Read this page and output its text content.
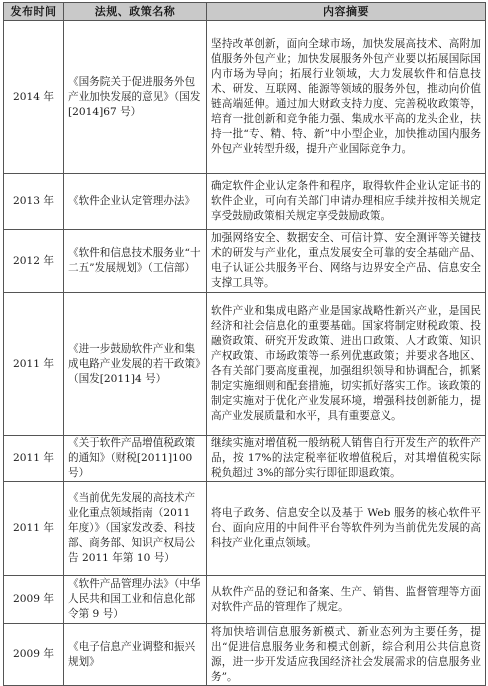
发布时间	法规、政策名称	内容摘要
2014 年	《国务院关于促进服务外包产业加快发展的意见》（国发[2014]67 号）	坚持改革创新，面向全球市场，加快发展高技术、高附加值服务外包产业；加快发展服务外包产业要以拓展国际国内市场为导向；拓展行业领域，大力发展软件和信息技术、研发、互联网、能源等领域的服务外包，推动向价值链高端延伸。通过加大财政支持力度、完善税收政策等，培育一批创新和竞争能力强、集成水平高的龙头企业，扶持一批“专、精、特、新”中小型企业，加快推动国内服务外包产业转型升级，提升产业国际竞争力。
2013 年	《软件企业认定管理办法》	确定软件企业认定条件和程序，取得软件企业认定证书的软件企业，可向有关部门申请办理相应手续并按相关规定享受鼓励政策相关规定享受鼓励政策。
2012 年	《软件和信息技术服务业“十二五”发展规划》（工信部）	加强网络安全、数据安全、可信计算、安全测评等关键技术的研发与产业化，重点发展安全可靠的安全基础产品、电子认证公共服务平台、网络与边界安全产品、信息安全支撑工具等。
2011 年	《进一步鼓励软件产业和集成电路产业发展的若干政策》（国发[2011]4 号）	软件产业和集成电路产业是国家战略性新兴产业，是国民经济和社会信息化的重要基础。国家将制定财税政策、投融资政策、研究开发政策、进出口政策、人才政策、知识产权政策、市场政策等一系列优惠政策；并要求各地区、各有关部门要高度重视，加强组织领导和协调配合，抓紧制定实施细则和配套措施，切实抓好落实工作。该政策的制定实施对于优化产业发展环境，增强科技创新能力，提高产业发展质量和水平，具有重要意义。
2011 年	《关于软件产品增值税政策的通知》（财税[2011]100 号）	继续实施对增值税一般纳税人销售自行开发生产的软件产品，按 17%的法定税率征收增值税后，对其增值税实际税负超过 3%的部分实行即征即退政策。
2011 年	《当前优先发展的高技术产业化重点领域指南（2011 年度）》（国家发改委、科技部、商务部、知识产权局公告 2011 年第 10 号）	将电子政务、信息安全以及基于 Web 服务的核心软件平台、面向应用的中间件平台等软件列为当前优先发展的高科技产业化重点领域。
2009 年	《软件产品管理办法》（中华人民共和国工业和信息化部令第 9 号）	从软件产品的登记和备案、生产、销售、监督管理等方面对软件产品的管理作了规定。
2009 年	《电子信息产业调整和振兴规划》	将加快培训信息服务新模式、新业态列为主要任务，提出“促进信息服务业务和模式创新，综合利用公共信息资源，进一步开发适应我国经济社会发展需求的信息服务业务”。
